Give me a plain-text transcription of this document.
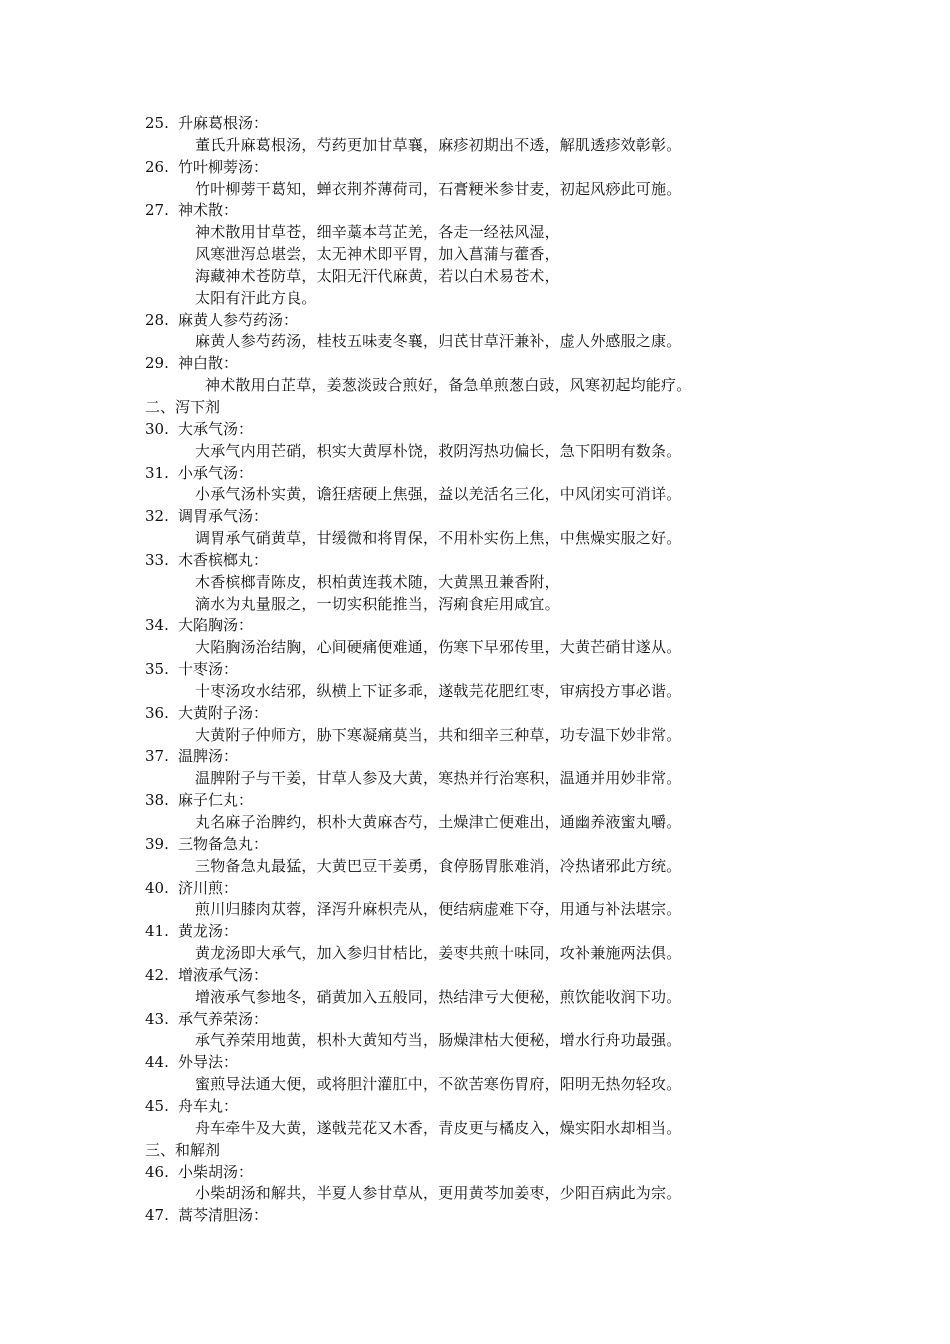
25. 升麻葛根汤：
董氏升麻葛根汤，芍药更加甘草襄，麻疹初期出不透，解肌透疹效彰彰。
26. 竹叶柳蒡汤：
竹叶柳蒡干葛知，蝉衣荆芥薄荷司，石膏粳米参甘麦，初起风痧此可施。
27. 神术散：
神术散用甘草苍，细辛藁本芎芷羌，各走一经祛风湿，
风寒泄泻总堪尝，太无神术即平胃，加入菖蒲与藿香，
海藏神术苍防草，太阳无汗代麻黄，若以白术易苍术，
太阳有汗此方良。
28. 麻黄人参芍药汤：
麻黄人参芍药汤，桂枝五味麦冬襄，归芪甘草汗兼补，虚人外感服之康。
29. 神白散：
神术散用白芷草，姜葱淡豉合煎好，备急单煎葱白豉，风寒初起均能疗。
二、泻下剂
30. 大承气汤：
大承气内用芒硝，枳实大黄厚朴饶，救阴泻热功偏长，急下阳明有数条。
31. 小承气汤：
小承气汤朴实黄，谵狂痞硬上焦强，益以羌活名三化，中风闭实可消详。
32. 调胃承气汤：
调胃承气硝黄草，甘缓微和将胃保，不用朴实伤上焦，中焦燥实服之好。
33. 木香槟榔丸：
木香槟榔青陈皮，枳柏黄连莪术随，大黄黑丑兼香附，
滴水为丸量服之，一切实积能推当，泻痢食疟用咸宜。
34. 大陷胸汤：
大陷胸汤治结胸，心间硬痛便难通，伤寒下早邪传里，大黄芒硝甘遂从。
35. 十枣汤：
十枣汤攻水结邪，纵横上下证多乖，遂戟芫花肥红枣，审病投方事必谐。
36. 大黄附子汤：
大黄附子仲师方，胁下寒凝痛莫当，共和细辛三种草，功专温下妙非常。
37. 温脾汤：
温脾附子与干姜，甘草人参及大黄，寒热并行治寒积，温通并用妙非常。
38. 麻子仁丸：
丸名麻子治脾约，枳朴大黄麻杏芍，土燥津亡便难出，通幽养液蜜丸嚼。
39. 三物备急丸：
三物备急丸最猛，大黄巴豆干姜勇，食停肠胃胀难消，冷热诸邪此方统。
40. 济川煎：
煎川归膝肉苁蓉，泽泻升麻枳壳从，便结病虚难下夺，用通与补法堪宗。
41. 黄龙汤：
黄龙汤即大承气，加入参归甘桔比，姜枣共煎十味同，攻补兼施两法俱。
42. 增液承气汤：
增液承气参地冬，硝黄加入五般同，热结津亏大便秘，煎饮能收润下功。
43. 承气养荣汤：
承气养荣用地黄，枳朴大黄知芍当，肠燥津枯大便秘，增水行舟功最强。
44. 外导法：
蜜煎导法通大便，或将胆汁灌肛中，不欲苦寒伤胃府，阳明无热勿轻攻。
45. 舟车丸：
舟车牵牛及大黄，遂戟芫花又木香，青皮更与橘皮入，燥实阳水却相当。
三、和解剂
46. 小柴胡汤：
小柴胡汤和解共，半夏人参甘草从，更用黄芩加姜枣，少阳百病此为宗。
47. 蒿芩清胆汤：
